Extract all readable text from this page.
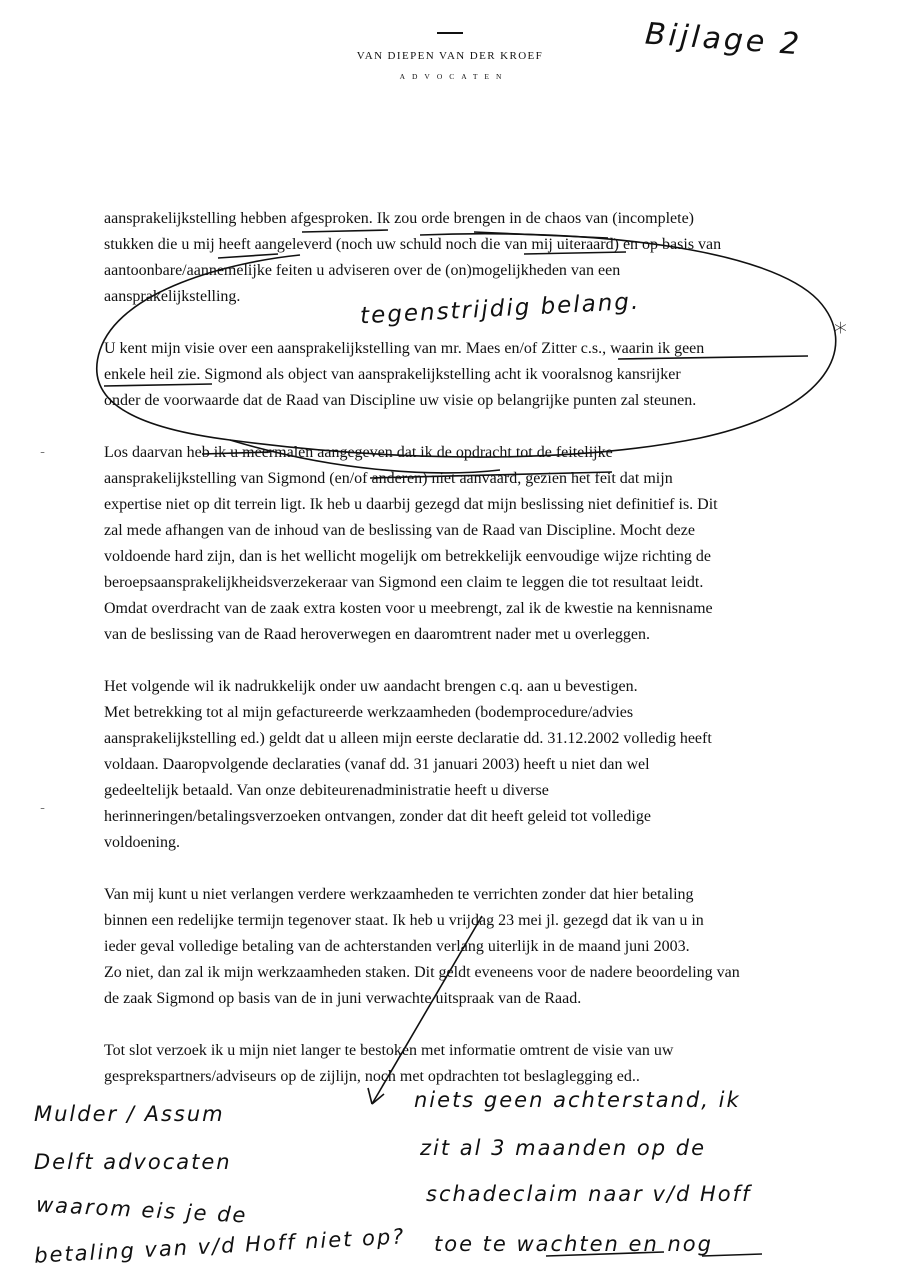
VAN DIEPEN VAN DER KROEF
ADVOCATEN
Bijlage 2

aansprakelijkstelling hebben afgesproken. Ik zou orde brengen in de chaos van (incomplete)
stukken die u mij heeft aangeleverd (noch uw schuld noch die van mij uiteraard) en op basis van
aantoonbare/aannemelijke feiten u adviseren over de (on)mogelijkheden van een
aansprakelijkstelling.

U kent mijn visie over een aansprakelijkstelling van mr. Maes en/of Zitter c.s., waarin ik geen
enkele heil zie. Sigmond als object van aansprakelijkstelling acht ik vooralsnog kansrijker
onder de voorwaarde dat de Raad van Discipline uw visie op belangrijke punten zal steunen.

Los daarvan heb ik u meermalen aangegeven dat ik de opdracht tot de feitelijke
aansprakelijkstelling van Sigmond (en/of anderen) niet aanvaard, gezien het feit dat mijn
expertise niet op dit terrein ligt. Ik heb u daarbij gezegd dat mijn beslissing niet definitief is. Dit
zal mede afhangen van de inhoud van de beslissing van de Raad van Discipline. Mocht deze
voldoende hard zijn, dan is het wellicht mogelijk om betrekkelijk eenvoudige wijze richting de
beroepsaansprakelijkheidsverzekeraar van Sigmond een claim te leggen die tot resultaat leidt.
Omdat overdracht van de zaak extra kosten voor u meebrengt, zal ik de kwestie na kennisname
van de beslissing van de Raad heroverwegen en daaromtrent nader met u overleggen.

Het volgende wil ik nadrukkelijk onder uw aandacht brengen c.q. aan u bevestigen.
Met betrekking tot al mijn gefactureerde werkzaamheden (bodemprocedure/advies
aansprakelijkstelling ed.) geldt dat u alleen mijn eerste declaratie dd. 31.12.2002 volledig heeft
voldaan. Daaropvolgende declaraties (vanaf dd. 31 januari 2003) heeft u niet dan wel
gedeeltelijk betaald. Van onze debiteurenadministratie heeft u diverse
herinneringen/betalingsverzoeken ontvangen, zonder dat dit heeft geleid tot volledige
voldoening.

Van mij kunt u niet verlangen verdere werkzaamheden te verrichten zonder dat hier betaling
binnen een redelijke termijn tegenover staat. Ik heb u vrijdag 23 mei jl. gezegd dat ik van u in
ieder geval volledige betaling van de achterstanden verlang uiterlijk in de maand juni 2003.
Zo niet, dan zal ik mijn werkzaamheden staken. Dit geldt eveneens voor de nadere beoordeling van
de zaak Sigmond op basis van de in juni verwachte uitspraak van de Raad.

Tot slot verzoek ik u mijn niet langer te bestoken met informatie omtrent de visie van uw
gesprekspartners/adviseurs op de zijlijn, noch met opdrachten tot beslaglegging ed..

tegenstrijdig belang.
*
-
-
Mulder / Assum
Delft advocaten
waarom eis je de
betaling van v/d Hoff niet op?
niets geen achterstand, ik
zit al 3 maanden op de
schadeclaim naar v/d Hoff
toe te wachten en nog
